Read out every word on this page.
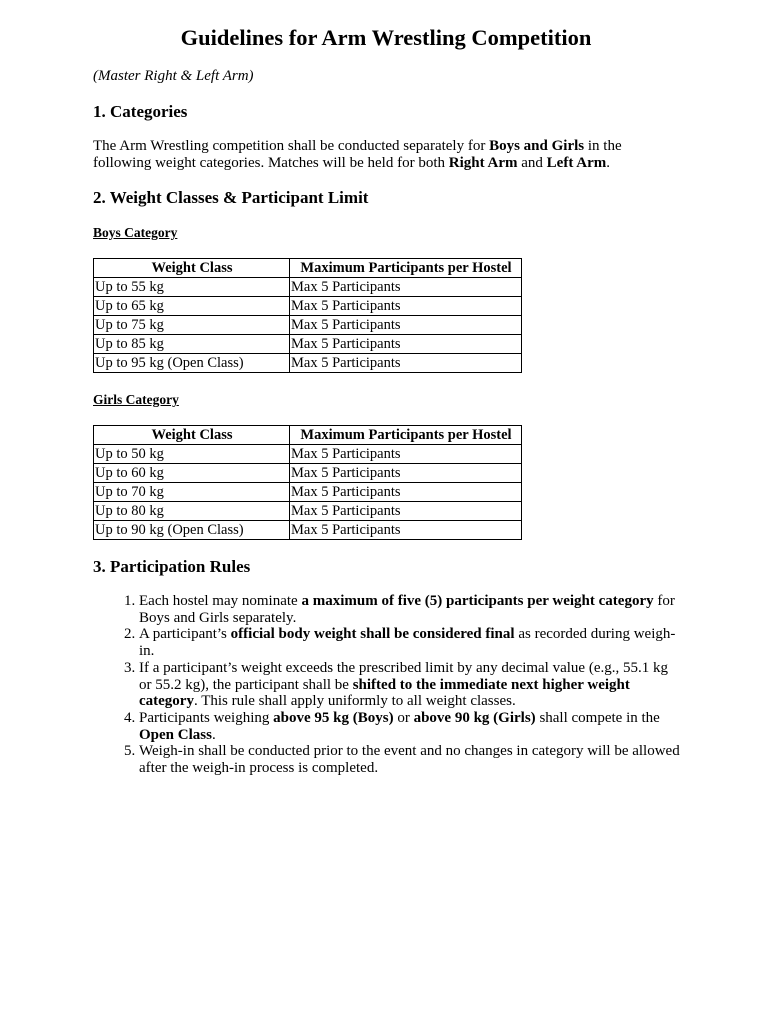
Guidelines for Arm Wrestling Competition

(Master Right & Left Arm)

1. Categories

The Arm Wrestling competition shall be conducted separately for Boys and Girls in the following weight categories. Matches will be held for both Right Arm and Left Arm.

2. Weight Classes & Participant Limit

Boys Category

Weight Class	Maximum Participants per Hostel
Up to 55 kg	Max 5 Participants
Up to 65 kg	Max 5 Participants
Up to 75 kg	Max 5 Participants
Up to 85 kg	Max 5 Participants
Up to 95 kg (Open Class)	Max 5 Participants

Girls Category

Weight Class	Maximum Participants per Hostel
Up to 50 kg	Max 5 Participants
Up to 60 kg	Max 5 Participants
Up to 70 kg	Max 5 Participants
Up to 80 kg	Max 5 Participants
Up to 90 kg (Open Class)	Max 5 Participants
3. Participation Rules
1. Each hostel may nominate a maximum of five (5) participants per weight category for Boys and Girls separately.
2. A participant’s official body weight shall be considered final as recorded during weigh-in.
3. If a participant’s weight exceeds the prescribed limit by any decimal value (e.g., 55.1 kg or 55.2 kg), the participant shall be shifted to the immediate next higher weight category. This rule shall apply uniformly to all weight classes.
4. Participants weighing above 95 kg (Boys) or above 90 kg (Girls) shall compete in the Open Class.
5. Weigh-in shall be conducted prior to the event and no changes in category will be allowed after the weigh-in process is completed.
